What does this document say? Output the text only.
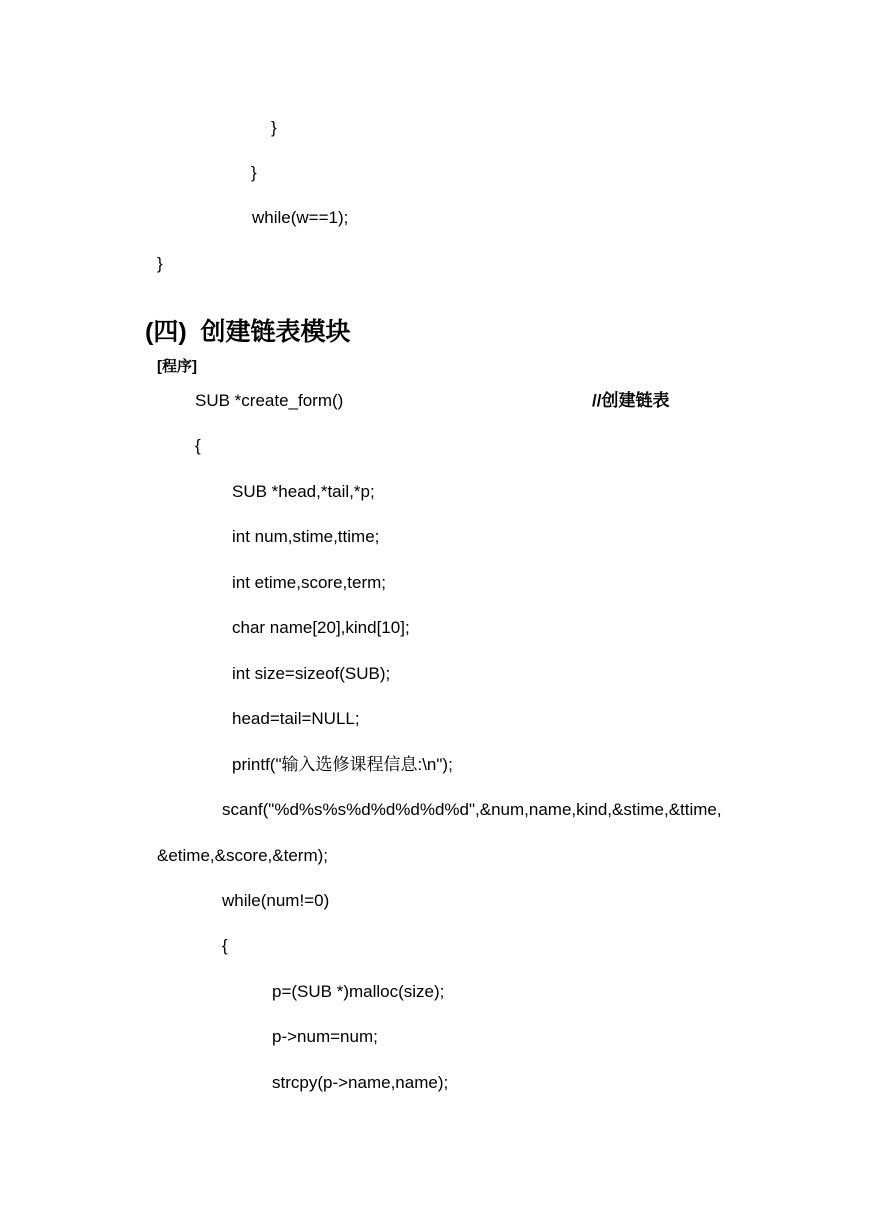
}
}
while(w==1);
}
(四)  创建链表模块
[程序]
SUB *create_form()	//创建链表
{
SUB *head,*tail,*p;
int num,stime,ttime;
int etime,score,term;
char name[20],kind[10];
int size=sizeof(SUB);
head=tail=NULL;
printf("输入选修课程信息:\n");
scanf("%d%s%s%d%d%d%d%d",&num,name,kind,&stime,&ttime,
&etime,&score,&term);
while(num!=0)
{
p=(SUB *)malloc(size);
p->num=num;
strcpy(p->name,name);
